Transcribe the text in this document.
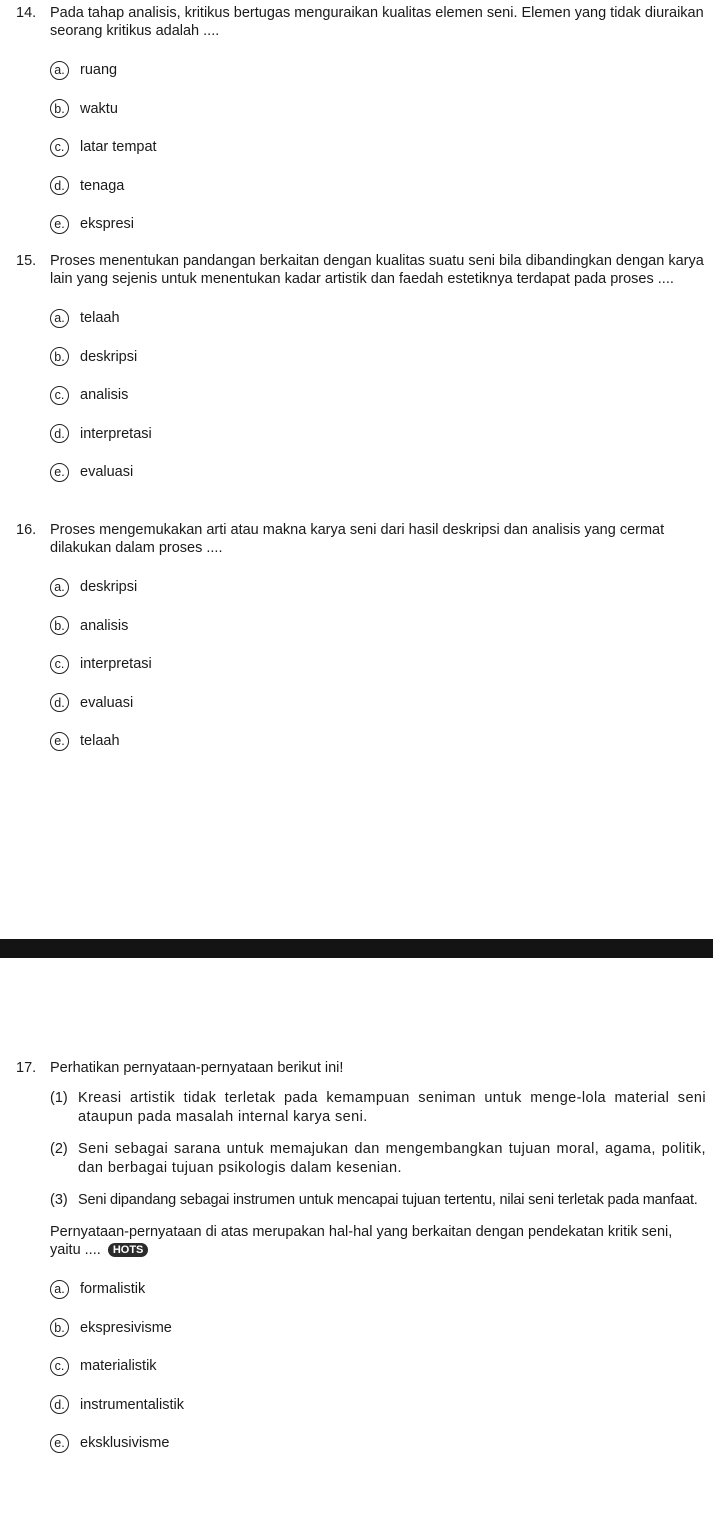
14. Pada tahap analisis, kritikus bertugas menguraikan kualitas elemen seni. Elemen yang tidak diuraikan seorang kritikus adalah ....
a. ruang
b. waktu
c.	latar tempat
d. tenaga
e. ekspresi
15. Proses menentukan pandangan berkaitan dengan kualitas suatu seni bila dibandingkan dengan karya lain yang sejenis untuk menentukan kadar artistik dan faedah estetiknya terdapat pada proses ....
a. telaah
b. deskripsi
c.	analisis
d. interpretasi
e. evaluasi
16. Proses mengemukakan arti atau makna karya seni dari hasil deskripsi dan analisis yang cermat dilakukan dalam proses ....
a. deskripsi
b. analisis
c.	interpretasi
d. evaluasi
e. telaah
17. Perhatikan pernyataan-pernyataan berikut ini!
(1) Kreasi artistik tidak terletak pada kemampuan seniman untuk menge-lola material seni ataupun pada masalah internal karya seni.
(2) Seni sebagai sarana untuk memajukan dan mengembangkan tujuan moral, agama, politik, dan berbagai tujuan psikologis dalam kesenian.
(3) Seni dipandang sebagai instrumen untuk mencapai tujuan tertentu, nilai seni terletak pada manfaat.
Pernyataan-pernyataan di atas merupakan hal-hal yang berkaitan dengan pendekatan kritik seni, yaitu .... HOTS
a. formalistik
b. ekspresivisme
c.	materialistik
d. instrumentalistik
e. eksklusivisme
